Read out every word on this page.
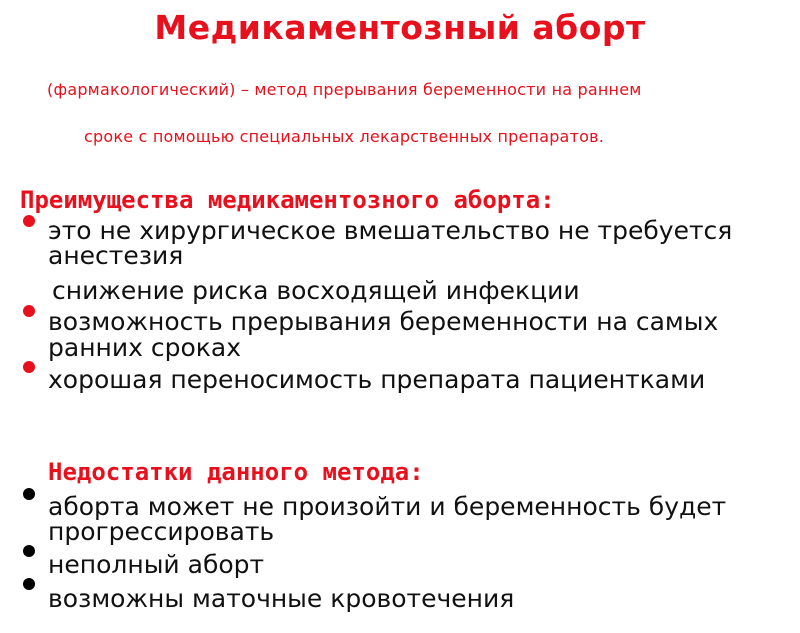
Медикаментозный аборт
(фармакологический) – метод прерывания беременности на раннем
сроке с помощью специальных лекарственных препаратов.
Преимущества медикаментозного аборта:
это не хирургическое вмешательство не требуется
анестезия
снижение риска восходящей инфекции
возможность прерывания беременности на самых
ранних сроках
хорошая переносимость препарата пациентками
Недостатки данного метода:
аборта может не произойти и беременность будет
прогрессировать
неполный аборт
возможны маточные кровотечения
